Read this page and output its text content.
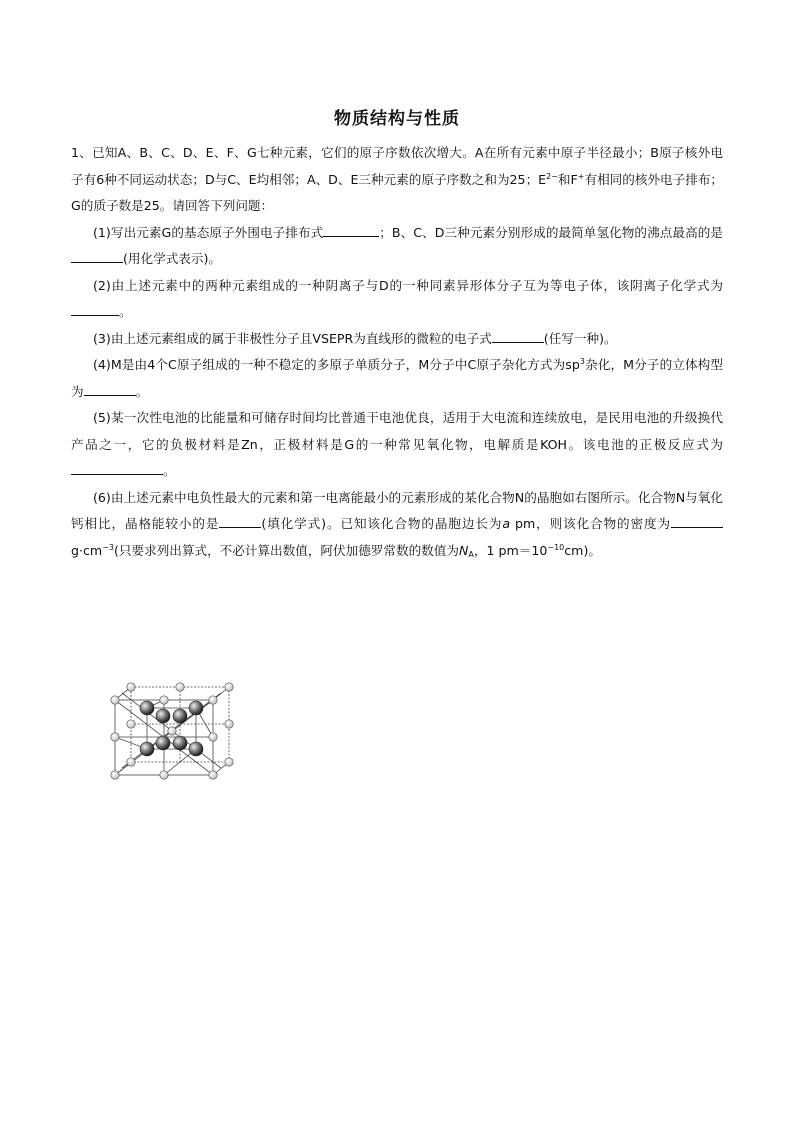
物质结构与性质

1、已知A、B、C、D、E、F、G七种元素，它们的原子序数依次增大。A在所有元素中原子半径最小；B原子核外电子有6种不同运动状态；D与C、E均相邻；A、D、E三种元素的原子序数之和为25；$E^{2-}$和F+有相同的核外电子排布；G的质子数是25。请回答下列问题：

(1)写出元素G的基态原子外围电子排布式	；B、C、D三种元素分别形成的最简单氢化物的沸点最高的是(用化学式表示)。

(2)由上述元素中的两种元素组成的一种阴离子与D的一种同素异形体分子互为等电子体，该阴离子化学式为。

(3)由上述元素组成的属于非极性分子且VSEPR为直线形的微粒的电子式	(任写一种)。

(4)M是由4个C原子组成的一种不稳定的多原子单质分子，M分子中C原子杂化方式为$sp^3$杂化，M分子的立体构型为	。

(5)某一次性电池的比能量和可储存时间均比普通干电池优良，适用于大电流和连续放电，是民用电池的升级换代产品之一，它的负极材料是Zn，正极材料是G的一种常见氧化物，电解质是KOH。该电池的正极反应式为。

(6)由上述元素中电负性最大的元素和第一电离能最小的元素形成的某化合物N的晶胞如右图所示。化合物N与氧化钙相比，晶格能较小的是	(填化学式)。已知该化合物的晶胞边长为a pm，则该化合物的密度为$g\cdot cm^{-3}$(只要求列出算式，不必计算出数值，阿伏加德罗常数的数值为$N_A$，1 $pm=10^{-10}cm$)。
